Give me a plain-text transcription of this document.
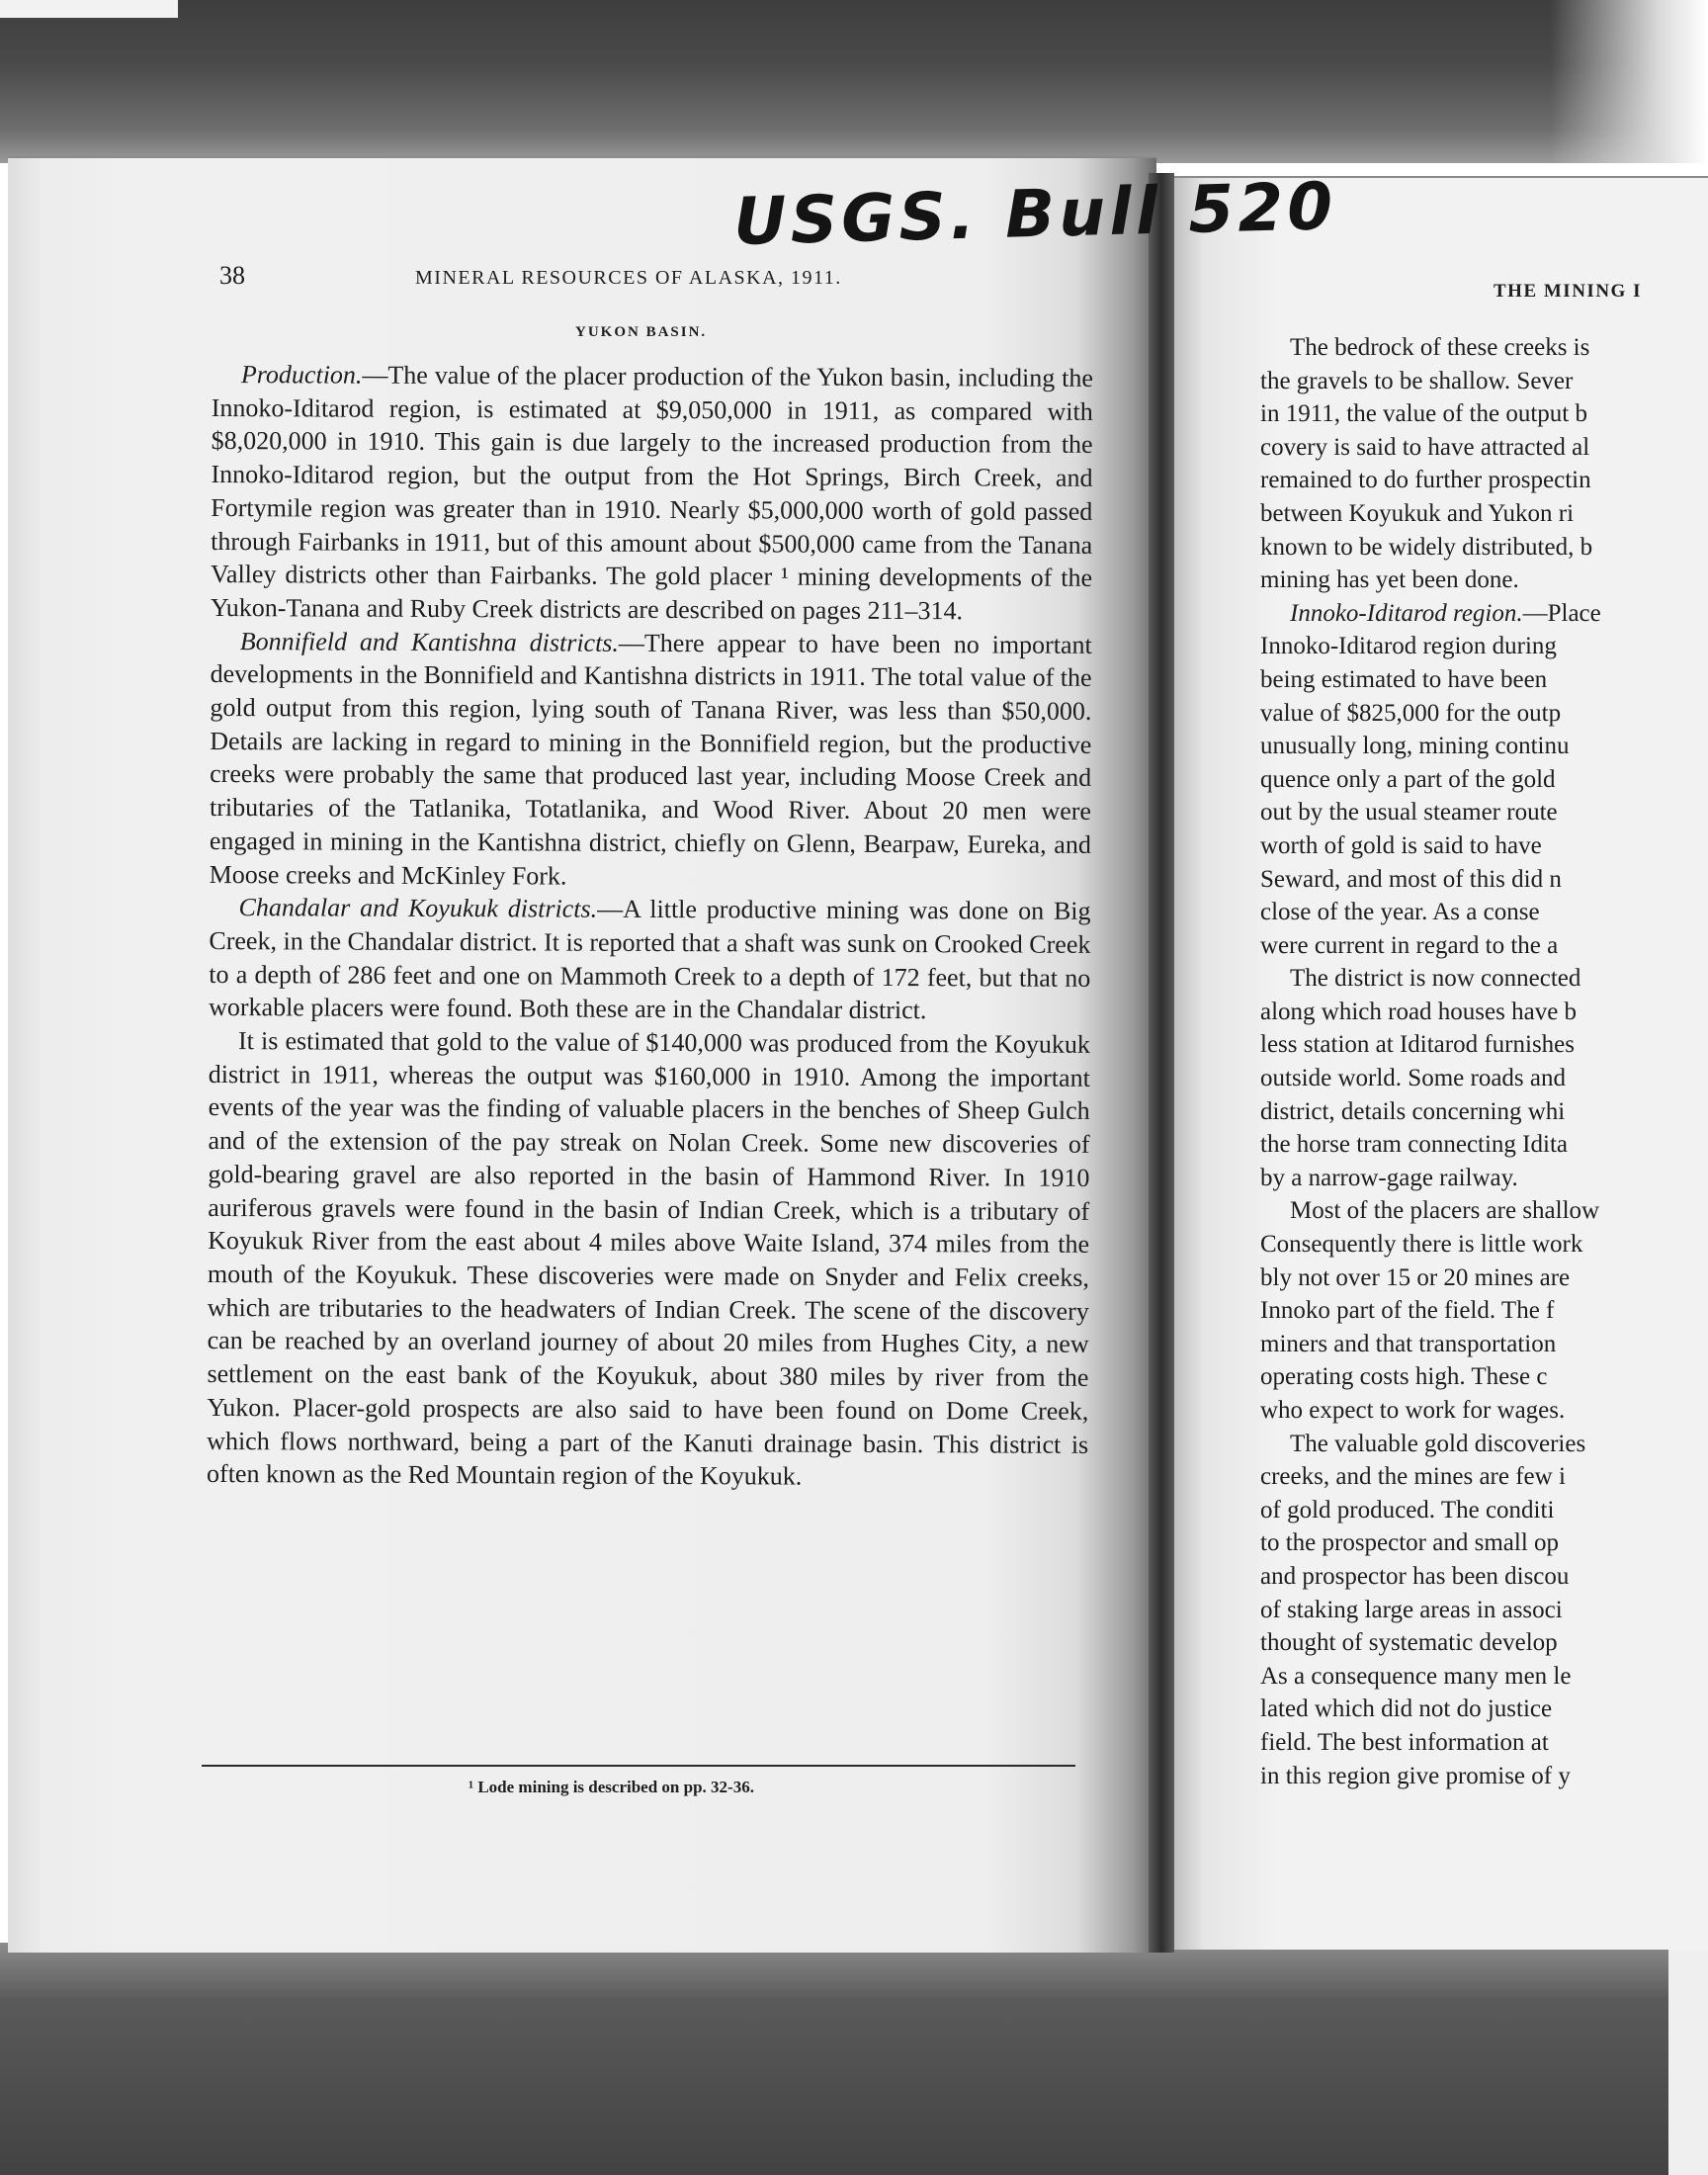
USGS. Bull 520
38	MINERAL RESOURCES OF ALASKA, 1911.
YUKON BASIN.
THE MINING I

Production.—The value of the placer production of the Yukon basin, including the Innoko-Iditarod region, is estimated at $9,050,000 in 1911, as compared with $8,020,000 in 1910. This gain is due largely to the increased production from the Innoko-Iditarod region, but the output from the Hot Springs, Birch Creek, and Fortymile region was greater than in 1910. Nearly $5,000,000 worth of gold passed through Fairbanks in 1911, but of this amount about $500,000 came from the Tanana Valley districts other than Fairbanks. The gold placer ¹ mining developments of the Yukon-Tanana and Ruby Creek districts are described on pages 211–314.

Bonnifield and Kantishna districts.—There appear to have been no important developments in the Bonnifield and Kantishna districts in 1911. The total value of the gold output from this region, lying south of Tanana River, was less than $50,000. Details are lacking in regard to mining in the Bonnifield region, but the productive creeks were probably the same that produced last year, including Moose Creek and tributaries of the Tatlanika, Totatlanika, and Wood River. About 20 men were engaged in mining in the Kantishna district, chiefly on Glenn, Bearpaw, Eureka, and Moose creeks and McKinley Fork.

Chandalar and Koyukuk districts.—A little productive mining was done on Big Creek, in the Chandalar district. It is reported that a shaft was sunk on Crooked Creek to a depth of 286 feet and one on Mammoth Creek to a depth of 172 feet, but that no workable placers were found. Both these are in the Chandalar district.

It is estimated that gold to the value of $140,000 was produced from the Koyukuk district in 1911, whereas the output was $160,000 in 1910. Among the important events of the year was the finding of valuable placers in the benches of Sheep Gulch and of the extension of the pay streak on Nolan Creek. Some new discoveries of gold-bearing gravel are also reported in the basin of Hammond River. In 1910 auriferous gravels were found in the basin of Indian Creek, which is a tributary of Koyukuk River from the east about 4 miles above Waite Island, 374 miles from the mouth of the Koyukuk. These discoveries were made on Snyder and Felix creeks, which are tributaries to the headwaters of Indian Creek. The scene of the discovery can be reached by an overland journey of about 20 miles from Hughes City, a new settlement on the east bank of the Koyukuk, about 380 miles by river from the Yukon. Placer-gold prospects are also said to have been found on Dome Creek, which flows northward, being a part of the Kanuti drainage basin. This district is often known as the Red Mountain region of the Koyukuk.

¹ Lode mining is described on pp. 32-36.
The bedrock of these creeks is
the gravels to be shallow. Sever
in 1911, the value of the output b
covery is said to have attracted al
remained to do further prospectin
between Koyukuk and Yukon ri
known to be widely distributed, b
mining has yet been done.
Innoko-Iditarod region.—Place
Innoko-Iditarod region during
being estimated to have been
value of $825,000 for the outp
unusually long, mining continu
quence only a part of the gold
out by the usual steamer route
worth of gold is said to have
Seward, and most of this did n
close of the year. As a conse
were current in regard to the a
The district is now connected
along which road houses have b
less station at Iditarod furnishes
outside world. Some roads and
district, details concerning whi
the horse tram connecting Idita
by a narrow-gage railway.
Most of the placers are shallow
Consequently there is little work
bly not over 15 or 20 mines are
Innoko part of the field. The f
miners and that transportation
operating costs high. These c
who expect to work for wages.
The valuable gold discoveries
creeks, and the mines are few i
of gold produced. The conditi
to the prospector and small op
and prospector has been discou
of staking large areas in associ
thought of systematic develop
As a consequence many men le
lated which did not do justice
field. The best information at
in this region give promise of y
